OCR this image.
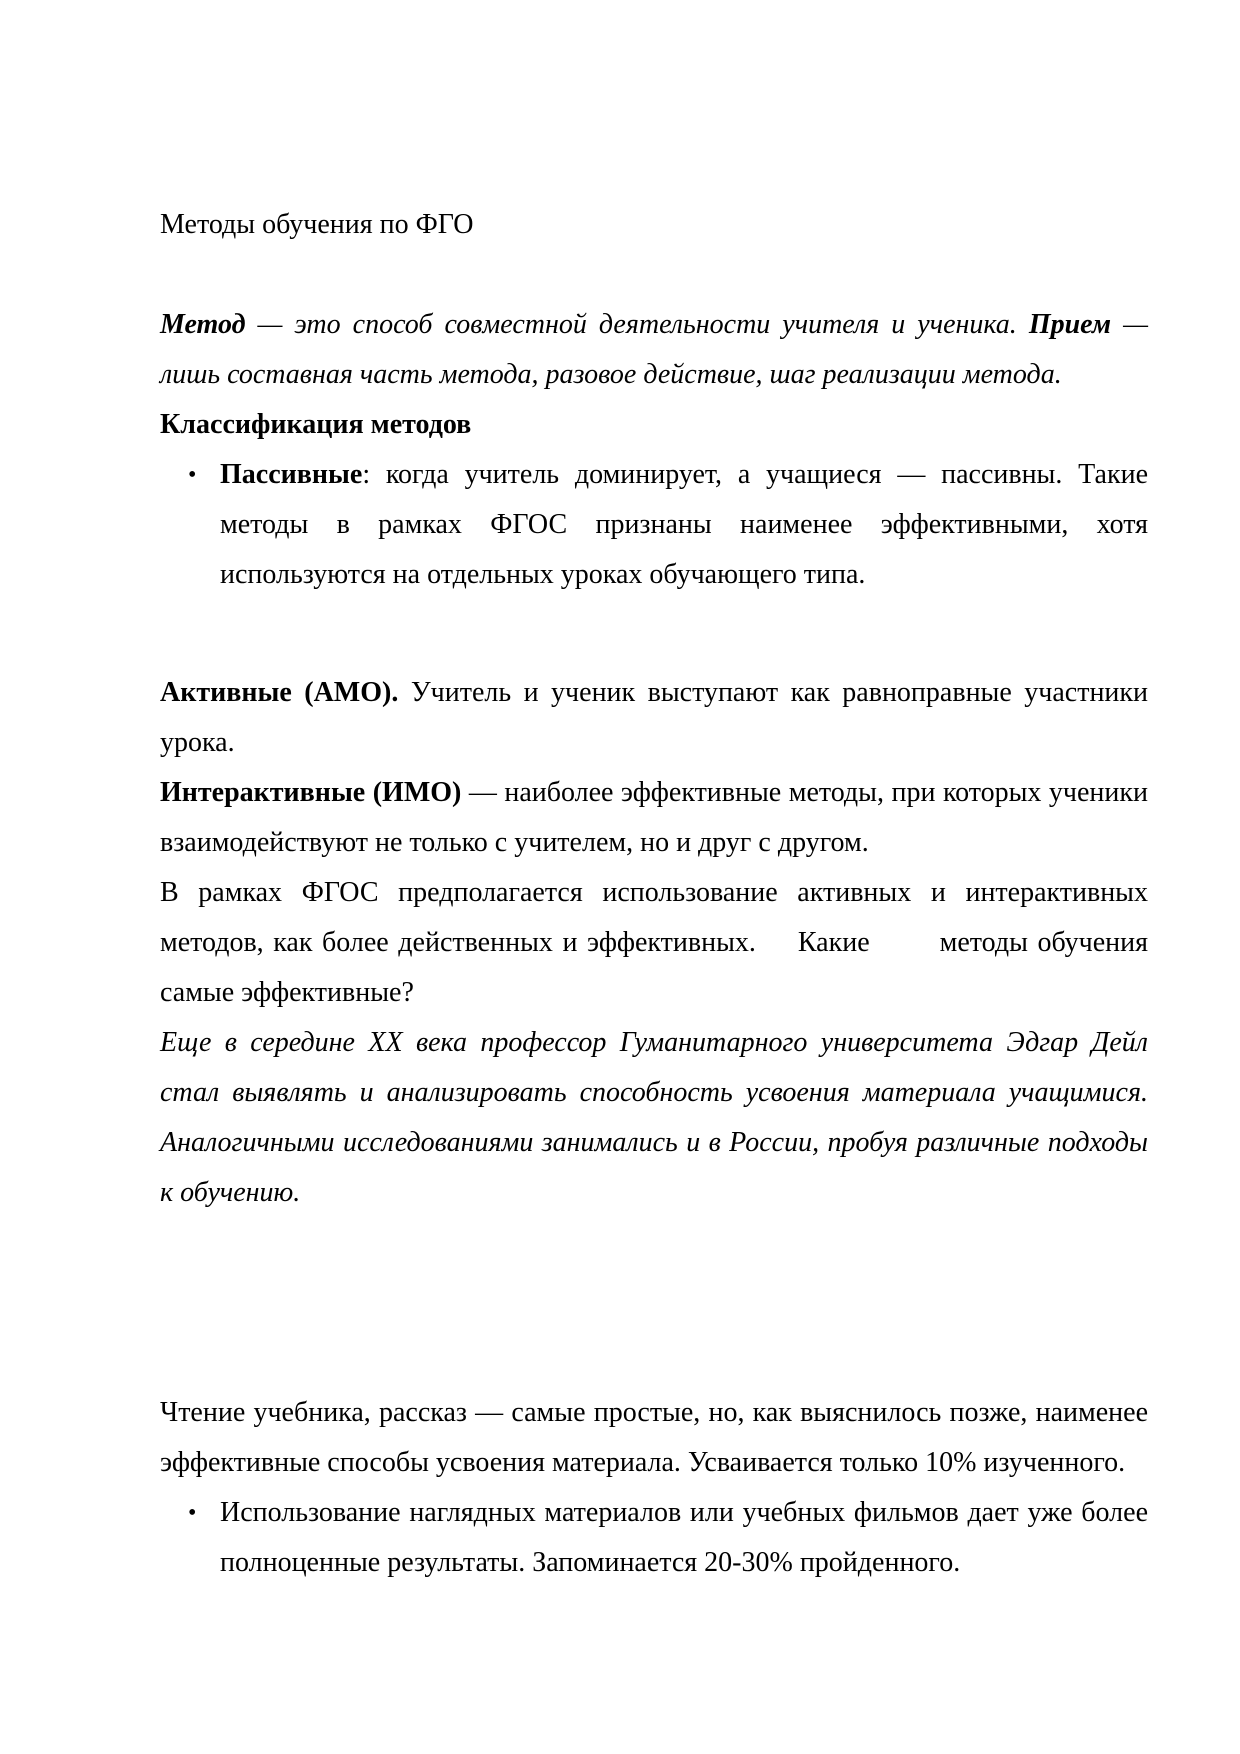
Методы обучения по ФГО

Метод — это способ совместной деятельности учителя и ученика. Прием — лишь составная часть метода, разовое действие, шаг реализации метода.

Классификация методов

• Пассивные: когда учитель доминирует, а учащиеся — пассивны. Такие методы в рамках ФГОС признаны наименее эффективными, хотя используются на отдельных уроках обучающего типа.

Активные (АМО). Учитель и ученик выступают как равноправные участники урока.

Интерактивные (ИМО) — наиболее эффективные методы, при которых ученики взаимодействуют не только с учителем, но и друг с другом.

В рамках ФГОС предполагается использование активных и интерактивных методов, как более действенных и эффективных.  Какие   методы обучения самые эффективные?

Еще в середине XX века профессор Гуманитарного университета Эдгар Дейл стал выявлять и анализировать способность усвоения материала учащимися. Аналогичными исследованиями занимались и в России, пробуя различные подходы к обучению.

Чтение учебника, рассказ — самые простые, но, как выяснилось позже, наименее эффективные способы усвоения материала. Усваивается только 10% изученного.

• Использование наглядных материалов или учебных фильмов дает уже более полноценные результаты. Запоминается 20-30% пройденного.
